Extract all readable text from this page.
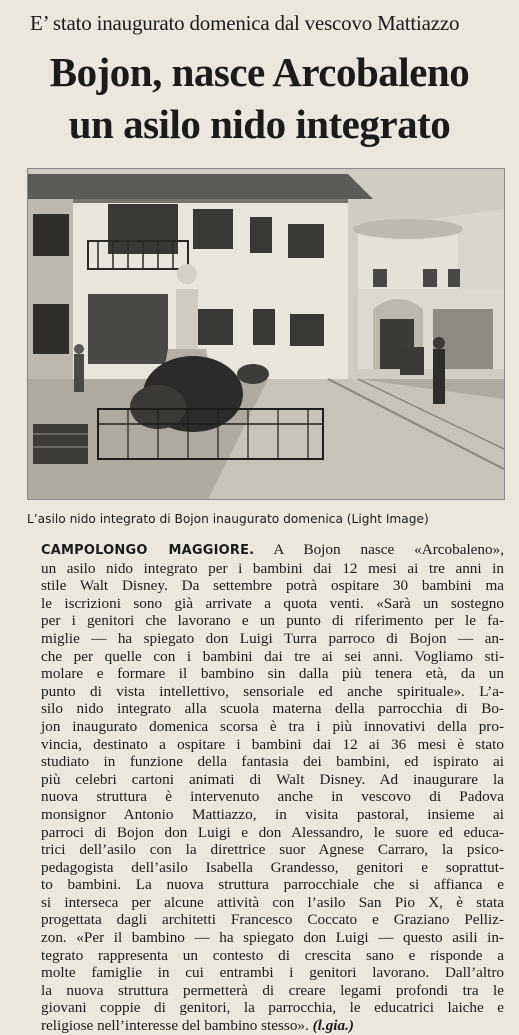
E’ stato inaugurato domenica dal vescovo Mattiazzo
Bojon, nasce Arcobaleno
un asilo nido integrato
L’asilo nido integrato di Bojon inaugurato domenica (Light Image)
CAMPOLONGO MAGGIORE. A Bojon nasce «Arcobaleno»,
un asilo nido integrato per i bambini dai 12 mesi ai tre anni in
stile Walt Disney. Da settembre potrà ospitare 30 bambini ma
le iscrizioni sono già arrivate a quota venti. «Sarà un sostegno
per i genitori che lavorano e un punto di riferimento per le fa-
miglie — ha spiegato don Luigi Turra parroco di Bojon — an-
che per quelle con i bambini dai tre ai sei anni. Vogliamo sti-
molare e formare il bambino sin dalla più tenera età, da un
punto di vista intellettivo, sensoriale ed anche spirituale». L’a-
silo nido integrato alla scuola materna della parrocchia di Bo-
jon inaugurato domenica scorsa è tra i più innovativi della pro-
vincia, destinato a ospitare i bambini dai 12 ai 36 mesi è stato
studiato in funzione della fantasia dei bambini, ed ispirato ai
più celebri cartoni animati di Walt Disney. Ad inaugurare la
nuova struttura è intervenuto anche in vescovo di Padova
monsignor Antonio Mattiazzo, in visita pastoral, insieme ai
parroci di Bojon don Luigi e don Alessandro, le suore ed educa-
trici dell’asilo con la direttrice suor Agnese Carraro, la psico-
pedagogista dell’asilo Isabella Grandesso, genitori e soprattut-
to bambini. La nuova struttura parrocchiale che si affianca e
si interseca per alcune attività con l’asilo San Pio X, è stata
progettata dagli architetti Francesco Coccato e Graziano Pelliz-
zon. «Per il bambino — ha spiegato don Luigi — questo asili in-
tegrato rappresenta un contesto di crescita sano e risponde a
molte famiglie in cui entrambi i genitori lavorano. Dall’altro
la nuova struttura permetterà di creare legami profondi tra le
giovani coppie di genitori, la parrocchia, le educatrici laiche e
religiose nell’interesse del bambino stesso». (l.gia.)
